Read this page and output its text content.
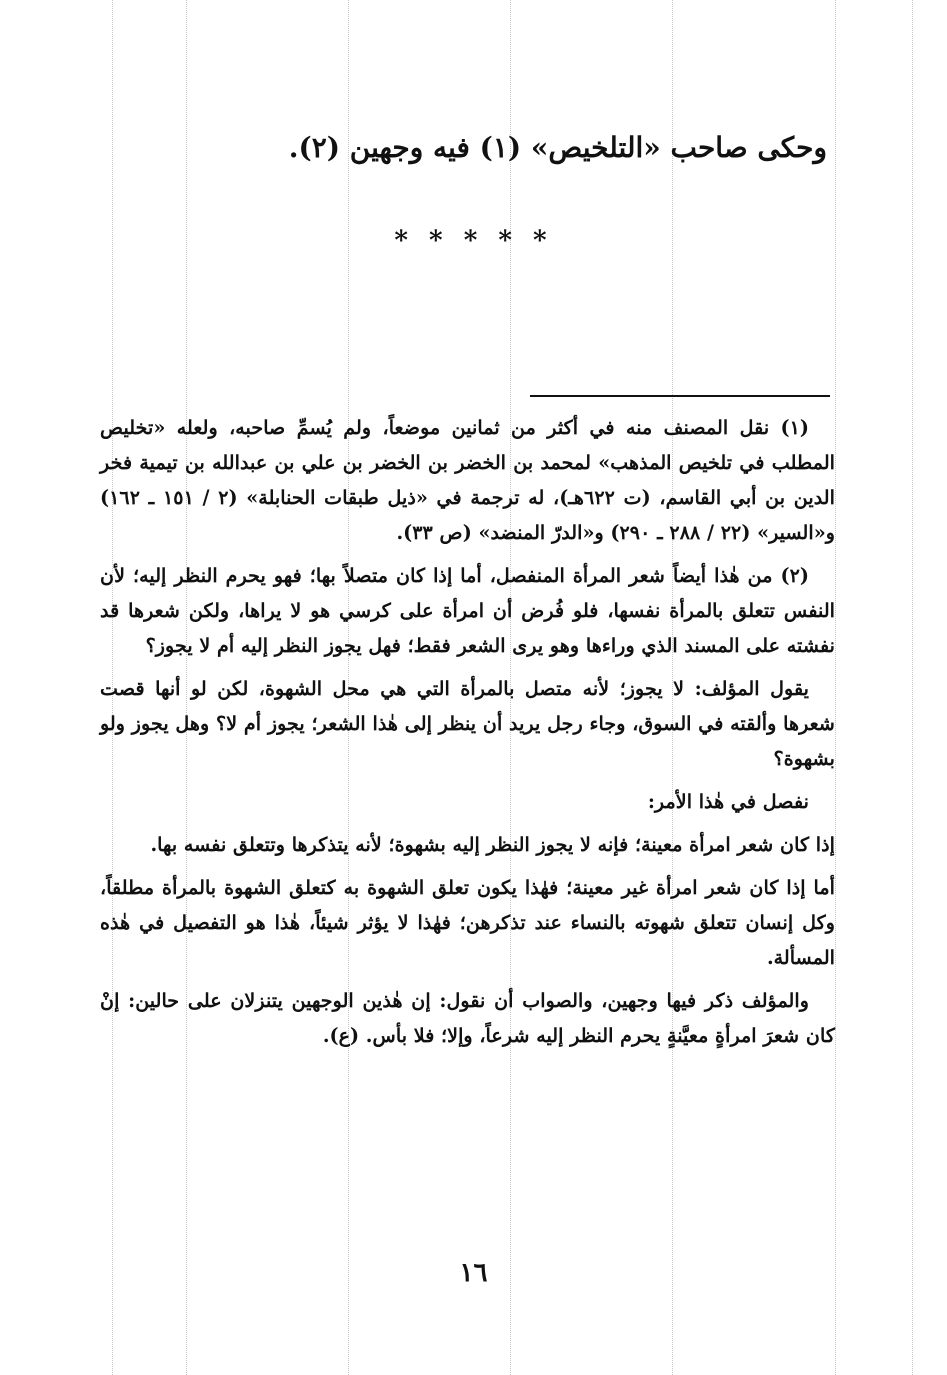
وحكى صاحب «التلخيص» (١) فيه وجهين (٢).
* * * * *

(١) نقل المصنف منه في أكثر من ثمانين موضعاً، ولم يُسمِّ صاحبه، ولعله «تخليص المطلب في تلخيص المذهب» لمحمد بن الخضر بن الخضر بن علي بن عبدالله بن تيمية فخر الدين بن أبي القاسم، (ت ٦٢٢هـ)، له ترجمة في «ذيل طبقات الحنابلة» (٢ / ١٥١ ـ ١٦٢) و«السير» (٢٢ / ٢٨٨ ـ ٢٩٠) و«الدرّ المنضد» (ص ٣٣).

(٢) من هٰذا أيضاً شعر المرأة المنفصل، أما إذا كان متصلاً بها؛ فهو يحرم النظر إليه؛ لأن النفس تتعلق بالمرأة نفسها، فلو فُرض أن امرأة على كرسي هو لا يراها، ولكن شعرها قد نفشته على المسند الذي وراءها وهو يرى الشعر فقط؛ فهل يجوز النظر إليه أم لا يجوز؟

يقول المؤلف: لا يجوز؛ لأنه متصل بالمرأة التي هي محل الشهوة، لكن لو أنها قصت شعرها وألقته في السوق، وجاء رجل يريد أن ينظر إلى هٰذا الشعر؛ يجوز أم لا؟ وهل يجوز ولو بشهوة؟

نفصل في هٰذا الأمر:

إذا كان شعر امرأة معينة؛ فإنه لا يجوز النظر إليه بشهوة؛ لأنه يتذكرها وتتعلق نفسه بها.

أما إذا كان شعر امرأة غير معينة؛ فهٰذا يكون تعلق الشهوة به كتعلق الشهوة بالمرأة مطلقاً، وكل إنسان تتعلق شهوته بالنساء عند تذكرهن؛ فهٰذا لا يؤثر شيئاً، هٰذا هو التفصيل في هٰذه المسألة.

والمؤلف ذكر فيها وجهين، والصواب أن نقول: إن هٰذين الوجهين يتنزلان على حالين: إنْ كان شعرَ امرأةٍ معيَّنةٍ يحرم النظر إليه شرعاً، وإلا؛ فلا بأس. (ع).

١٦
